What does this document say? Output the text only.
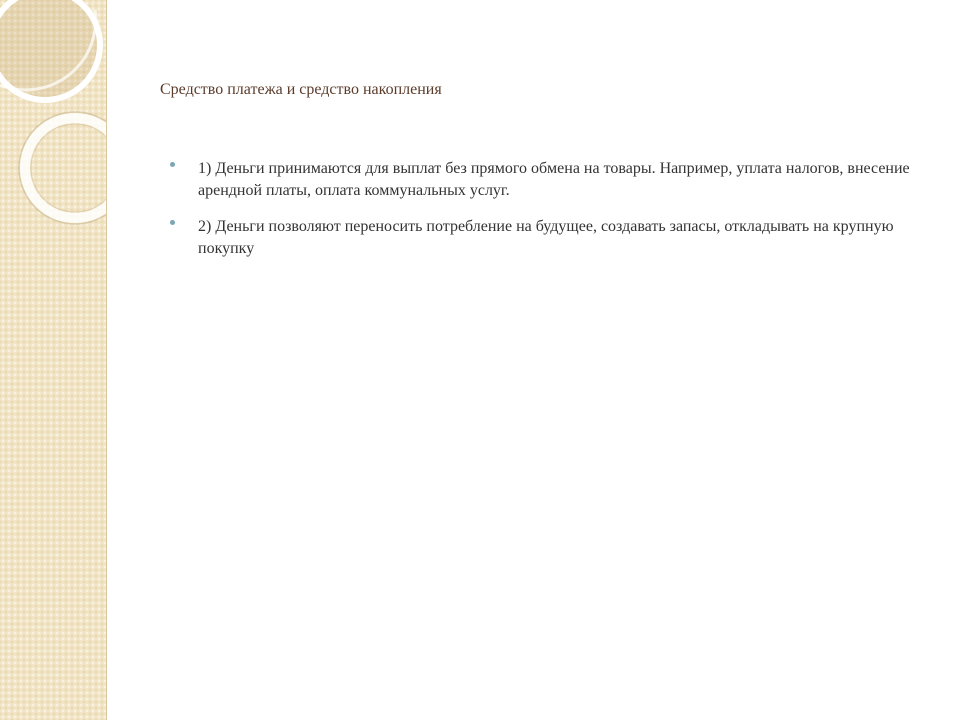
Средство платежа и средство накопления
1) Деньги принимаются для выплат без прямого обмена на товары. Например, уплата налогов, внесение арендной платы, оплата коммунальных услуг.
2) Деньги позволяют переносить потребление на будущее, создавать запасы, откладывать на крупную покупку
